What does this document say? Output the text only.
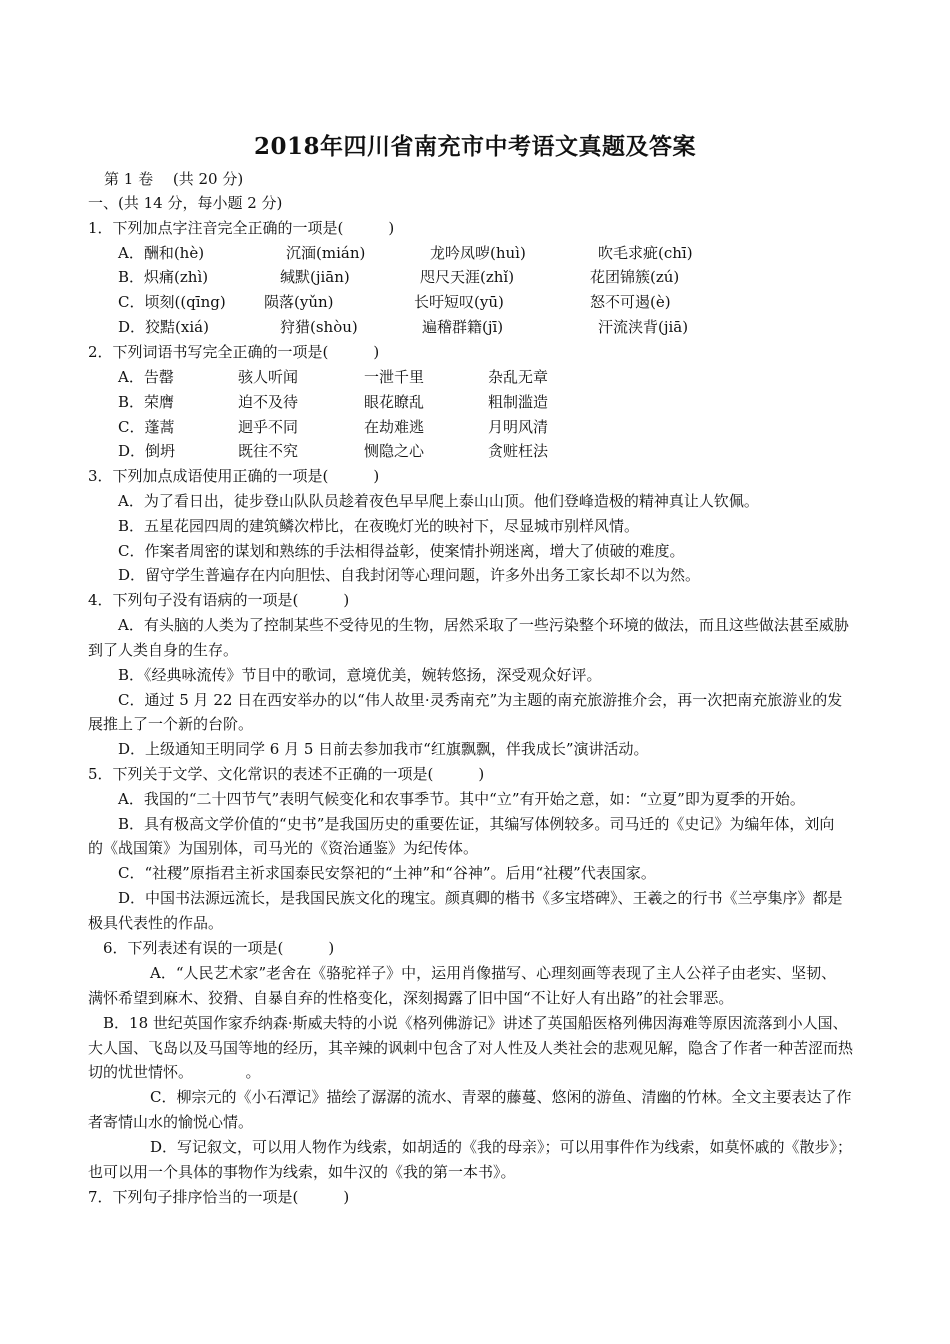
2018年四川省南充市中考语文真题及答案
第 1 卷　 (共 20 分)
一、(共 14 分，每小题 2 分)
1．下列加点字注音完全正确的一项是(　　　)
A．酬和(hè)	沉湎(mián)	龙吟凤哕(huì)	吹毛求疵(chī)
B．炽痛(zhì)	缄默(jiān)	咫尺天涯(zhǐ)	花团锦簇(zú)
C．顷刻((qīng)	陨落(yǔn)	长吁短叹(yū)	怒不可遏(è)
D．狡黠(xiá)	狩猎(shòu)	遍稽群籍(jī)	汗流浃背(jiā)
2．下列词语书写完全正确的一项是(　　　)
A．告罄	骇人听闻	一泄千里	杂乱无章
B．荣膺	迫不及待	眼花瞭乱	粗制滥造
C．蓬蒿	迥乎不同	在劫难逃	月明风清
D．倒坍	既往不究	恻隐之心	贪赃枉法
3．下列加点成语使用正确的一项是(　　　)
A．为了看日出，徒步登山队队员趁着夜色早早爬上泰山山顶。他们登峰造极的精神真让人钦佩。
B．五星花园四周的建筑鳞次栉比，在夜晚灯光的映衬下，尽显城市别样风情。
C．作案者周密的谋划和熟练的手法相得益彰，使案情扑朔迷离，增大了侦破的难度。
D．留守学生普遍存在内向胆怯、自我封闭等心理问题，许多外出务工家长却不以为然。
4．下列句子没有语病的一项是(　　　)
A．有头脑的人类为了控制某些不受待见的生物，居然采取了一些污染整个环境的做法，而且这些做法甚至威胁
到了人类自身的生存。
B．《经典咏流传》节目中的歌词，意境优美，婉转悠扬，深受观众好评。
C．通过 5 月 22 日在西安举办的以“伟人故里·灵秀南充”为主题的南充旅游推介会，再一次把南充旅游业的发
展推上了一个新的台阶。
D．上级通知王明同学 6 月 5 日前去参加我市“红旗飘飘，伴我成长”演讲活动。
5．下列关于文学、文化常识的表述不正确的一项是(　　　)
A．我国的“二十四节气”表明气候变化和农事季节。其中“立”有开始之意，如：“立夏”即为夏季的开始。
B．具有极高文学价值的“史书”是我国历史的重要佐证，其编写体例较多。司马迁的《史记》为编年体，刘向
的《战国策》为国别体，司马光的《资治通鉴》为纪传体。
C．“社稷”原指君主祈求国泰民安祭祀的“土神”和“谷神”。后用“社稷”代表国家。
D．中国书法源远流长，是我国民族文化的瑰宝。颜真卿的楷书《多宝塔碑》、王羲之的行书《兰亭集序》都是
极具代表性的作品。
6．下列表述有误的一项是(　　　)
A．“人民艺术家”老舍在《骆驼祥子》中，运用肖像描写、心理刻画等表现了主人公祥子由老实、坚韧、
满怀希望到麻木、狡猾、自暴自弃的性格变化，深刻揭露了旧中国“不让好人有出路”的社会罪恶。
B．18 世纪英国作家乔纳森·斯威夫特的小说《格列佛游记》讲述了英国船医格列佛因海难等原因流落到小人国、
大人国、飞岛以及马国等地的经历，其辛辣的讽刺中包含了对人性及人类社会的悲观见解，隐含了作者一种苦涩而热
切的忧世情怀。　　　　。
C．柳宗元的《小石潭记》描绘了潺潺的流水、青翠的藤蔓、悠闲的游鱼、清幽的竹林。全文主要表达了作
者寄情山水的愉悦心情。
D．写记叙文，可以用人物作为线索，如胡适的《我的母亲》；可以用事件作为线索，如莫怀戚的《散步》；
也可以用一个具体的事物作为线索，如牛汉的《我的第一本书》。
7．下列句子排序恰当的一项是(　　　)
